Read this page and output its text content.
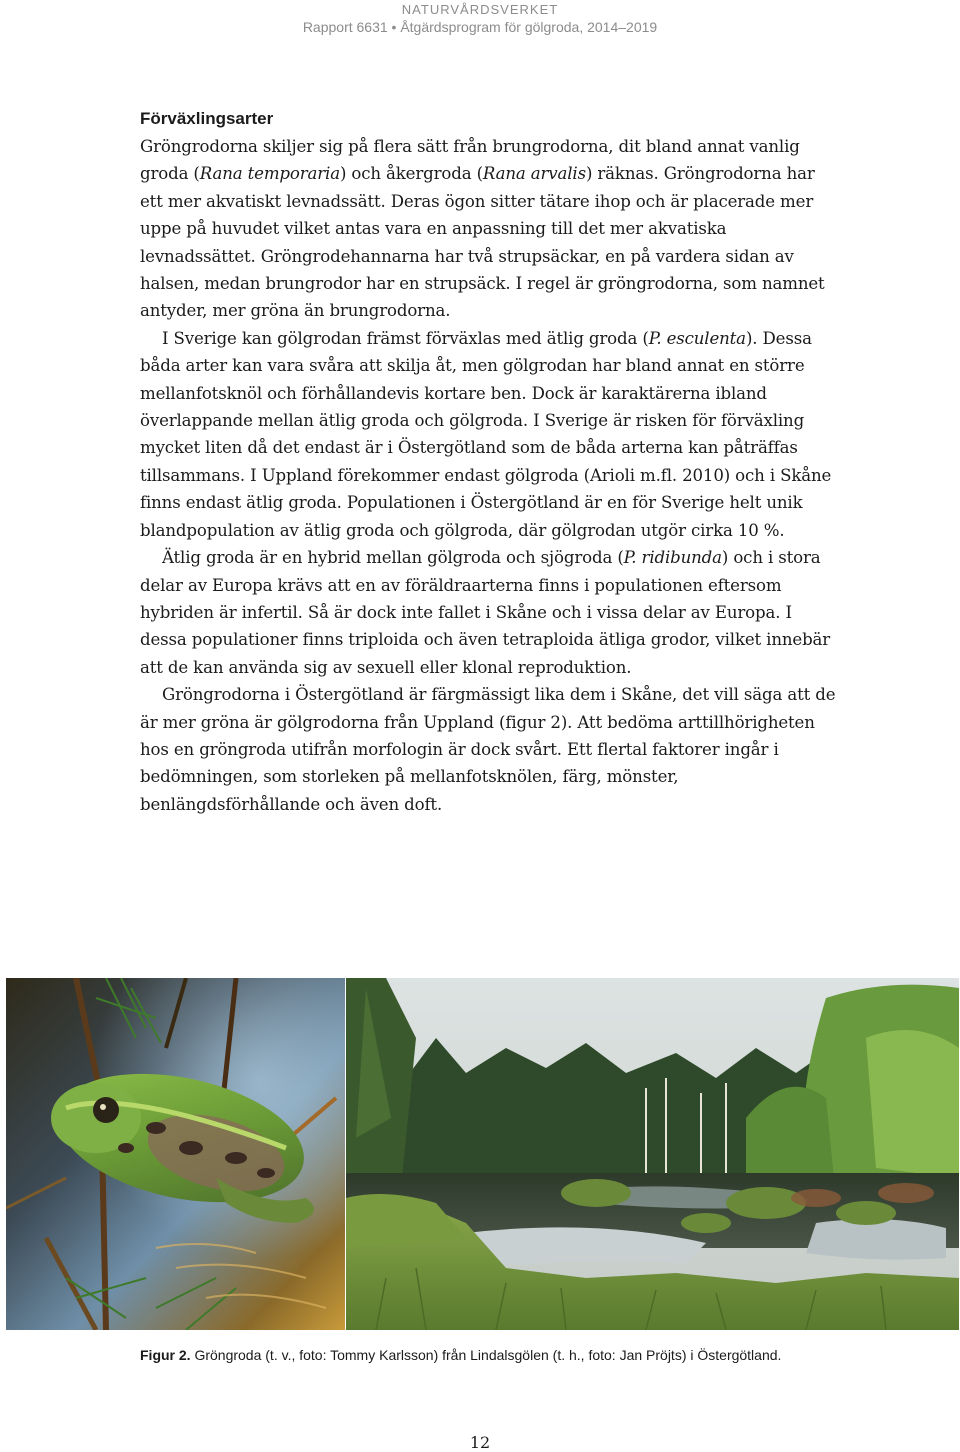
NATURVÅRDSVERKET
Rapport 6631 • Åtgärdsprogram för gölgroda, 2014–2019
Förväxlingsarter

Gröngrodorna skiljer sig på flera sätt från brungrodorna, dit bland annat vanlig groda (Rana temporaria) och åkergroda (Rana arvalis) räknas. Gröngrodorna har ett mer akvatiskt levnadssätt. Deras ögon sitter tätare ihop och är placerade mer uppe på huvudet vilket antas vara en anpassning till det mer akvatiska levnadssättet. Gröngrodehannarna har två strupsäckar, en på vardera sidan av halsen, medan brungrodor har en strupsäck. I regel är gröngrodorna, som namnet antyder, mer gröna än brungrodorna.

I Sverige kan gölgrodan främst förväxlas med ätlig groda (P. esculenta). Dessa båda arter kan vara svåra att skilja åt, men gölgrodan har bland annat en större mellanfotsknöl och förhållandevis kortare ben. Dock är karaktärerna ibland överlappande mellan ätlig groda och gölgroda. I Sverige är risken för förväxling mycket liten då det endast är i Östergötland som de båda arterna kan påträffas tillsammans. I Uppland förekommer endast gölgroda (Arioli m.fl. 2010) och i Skåne finns endast ätlig groda. Populationen i Östergötland är en för Sverige helt unik blandpopulation av ätlig groda och gölgroda, där gölgrodan utgör cirka 10 %.

Ätlig groda är en hybrid mellan gölgroda och sjögroda (P. ridibunda) och i stora delar av Europa krävs att en av föräldraarterna finns i populationen eftersom hybriden är infertil. Så är dock inte fallet i Skåne och i vissa delar av Europa. I dessa populationer finns triploida och även tetraploida ätliga grodor, vilket innebär att de kan använda sig av sexuell eller klonal reproduktion.

Gröngrodorna i Östergötland är färgmässigt lika dem i Skåne, det vill säga att de är mer gröna är gölgrodorna från Uppland (figur 2). Att bedöma arttillhörigheten hos en gröngroda utifrån morfologin är dock svårt. Ett flertal faktorer ingår i bedömningen, som storleken på mellanfotsknölen, färg, mönster, benlängdsförhållande och även doft.

Figur 2. Gröngroda (t. v., foto: Tommy Karlsson) från Lindalsgölen (t. h., foto: Jan Pröjts) i Östergötland.
12
